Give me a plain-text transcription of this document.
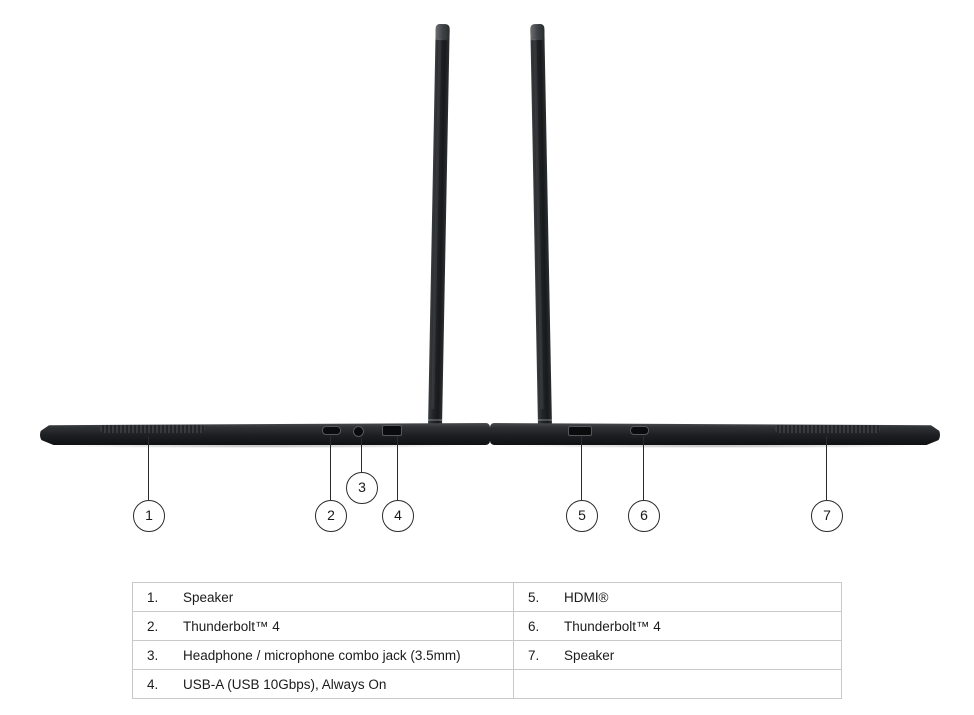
1	2
3
4	5	6	7
1.	Speaker	5.	HDMI®
2.	Thunderbolt™ 4	6.	Thunderbolt™ 4
3.	Headphone / microphone combo jack (3.5mm)	7.	Speaker
4.	USB-A (USB 10Gbps), Always On		
